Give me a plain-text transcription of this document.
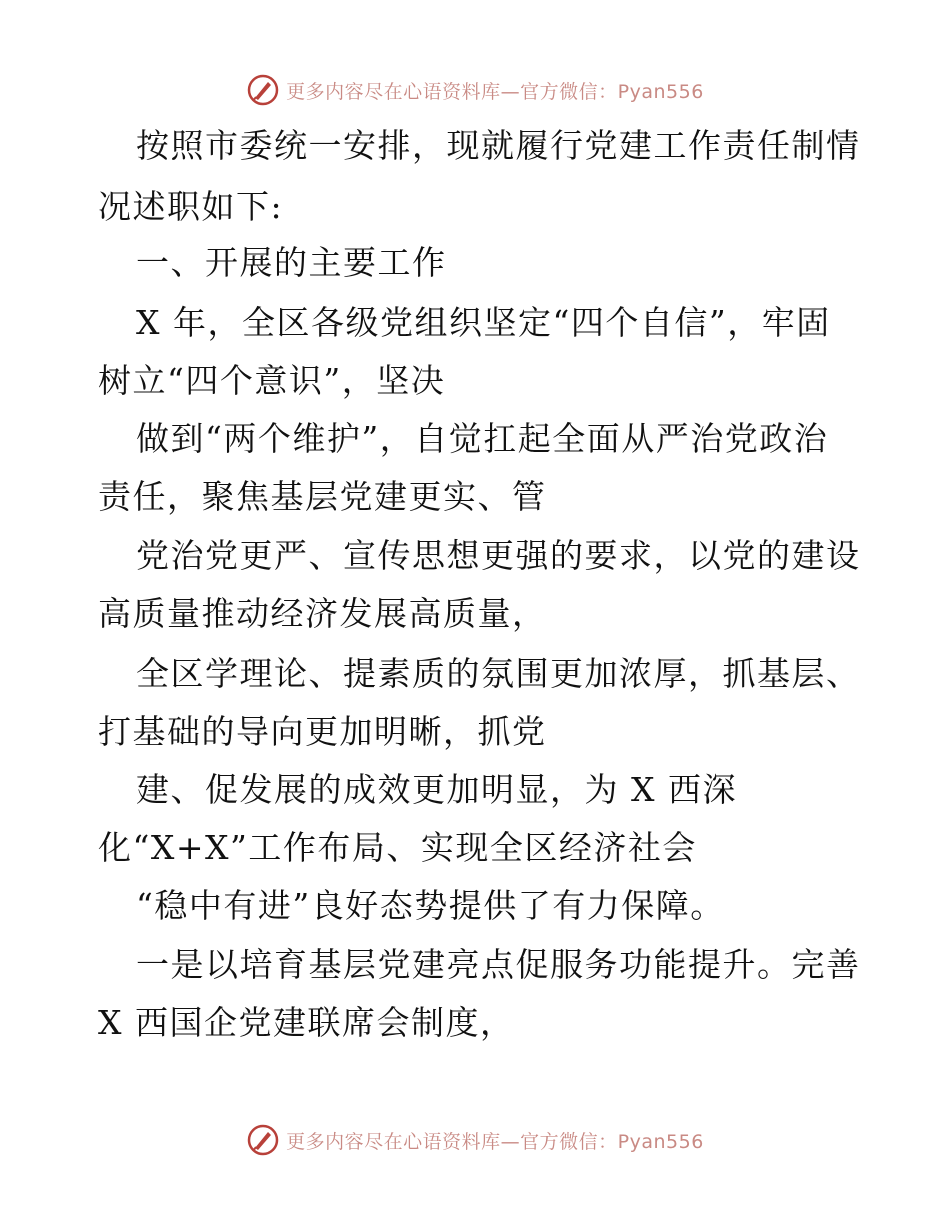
更多内容尽在心语资料库—官方微信：Pyan556
按照市委统一安排，现就履行党建工作责任制情
况述职如下:
一、开展的主要工作
X 年，全区各级党组织坚定“四个自信”，牢固
树立“四个意识”，坚决
做到“两个维护”，自觉扛起全面从严治党政治
责任，聚焦基层党建更实、管
党治党更严、宣传思想更强的要求，以党的建设
高质量推动经济发展高质量，
全区学理论、提素质的氛围更加浓厚，抓基层、
打基础的导向更加明晰，抓党
建、促发展的成效更加明显，为 X 西深
化“X+X”工作布局、实现全区经济社会
“稳中有进”良好态势提供了有力保障。
一是以培育基层党建亮点促服务功能提升。完善
X 西国企党建联席会制度，
更多内容尽在心语资料库—官方微信：Pyan556
